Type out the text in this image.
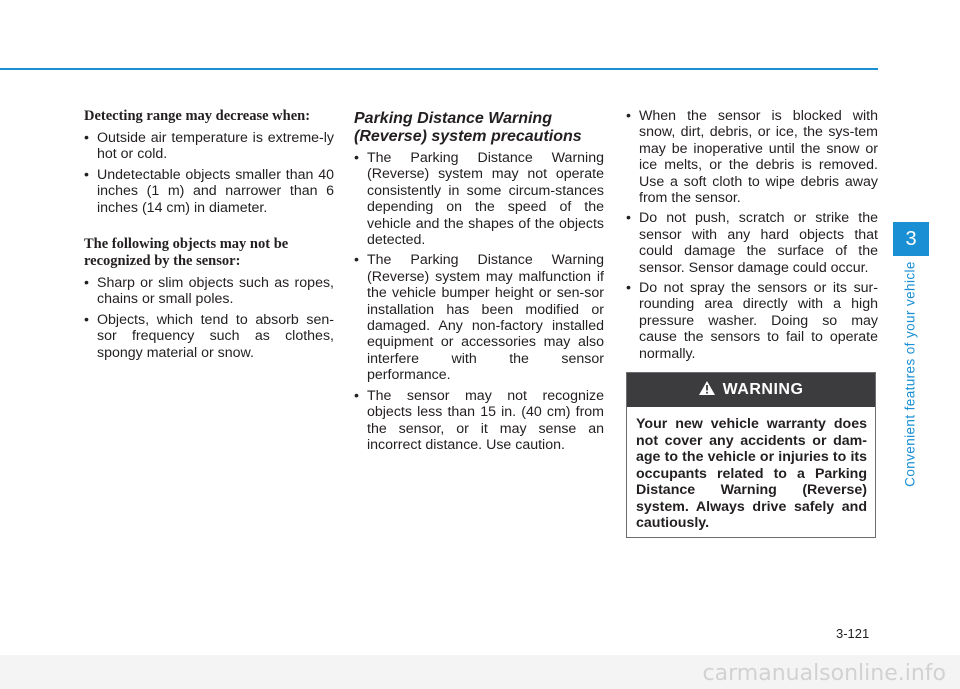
Detecting range may decrease when:
• Outside air temperature is extreme-ly hot or cold.
• Undetectable objects smaller than 40 inches (1 m) and narrower than 6 inches (14 cm) in diameter.
The following objects may not be recognized by the sensor:
• Sharp or slim objects such as ropes, chains or small poles.
• Objects, which tend to absorb sen-sor frequency such as clothes, spongy material or snow.
Parking Distance Warning (Reverse) system precautions
• The Parking Distance Warning (Reverse) system may not operate consistently in some circum-stances depending on the speed of the vehicle and the shapes of the objects detected.
• The Parking Distance Warning (Reverse) system may malfunction if the vehicle bumper height or sen-sor installation has been modified or damaged. Any non-factory installed equipment or accessories may also interfere with the sensor performance.
• The sensor may not recognize objects less than 15 in. (40 cm) from the sensor, or it may sense an incorrect distance. Use caution.
• When the sensor is blocked with snow, dirt, debris, or ice, the sys-tem may be inoperative until the snow or ice melts, or the debris is removed. Use a soft cloth to wipe debris away from the sensor.
• Do not push, scratch or strike the sensor with any hard objects that could damage the surface of the sensor. Sensor damage could occur.
• Do not spray the sensors or its sur-rounding area directly with a high pressure washer. Doing so may cause the sensors to fail to operate normally.
WARNING
Your new vehicle warranty does not cover any accidents or dam-age to the vehicle or injuries to its occupants related to a Parking Distance Warning (Reverse) system. Always drive safely and cautiously.
3
Convenient features of your vehicle
3-121
carmanualsonline.info
